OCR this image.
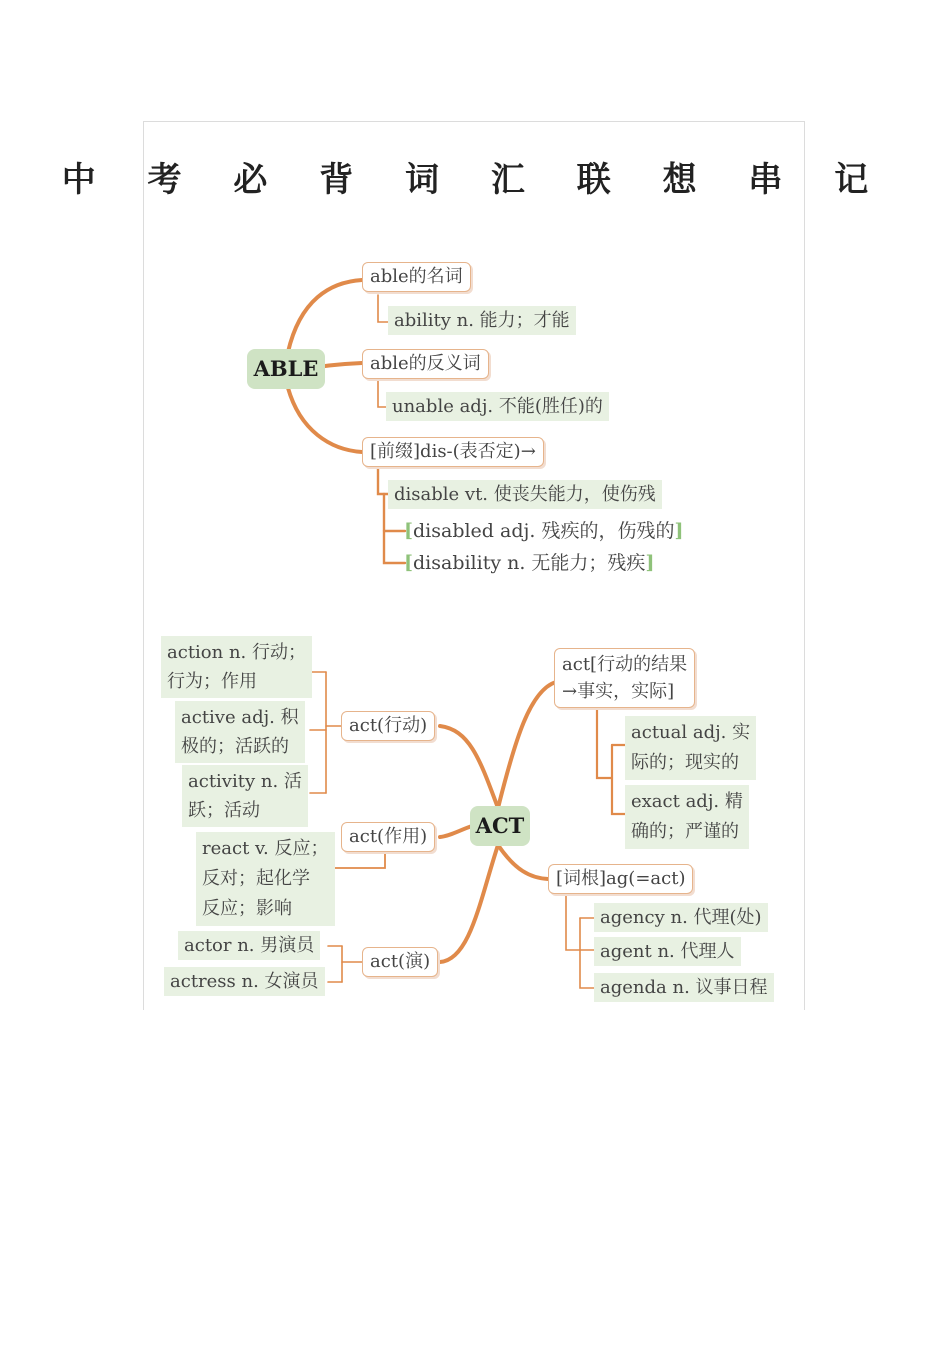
中 考 必 背 词 汇 联 想 串 记
ABLE
able的名词
ability n. 能力；才能
able的反义词
unable adj. 不能(胜任)的
[前缀]dis-(表否定)→
disable vt. 使丧失能力，使伤残
[disabled adj. 残疾的，伤残的]
[disability n. 无能力；残疾]
ACT
act(行动)
act(作用)
act(演)
act[行动的结果
→事实，实际]
[词根]ag(=act)
action n. 行动；
行为；作用
active adj. 积
极的；活跃的
activity n. 活
跃；活动
react v. 反应；
反对；起化学
反应；影响
actor n. 男演员
actress n. 女演员
actual adj. 实
际的；现实的
exact adj. 精
确的；严谨的
agency n. 代理(处)
agent n. 代理人
agenda n. 议事日程
